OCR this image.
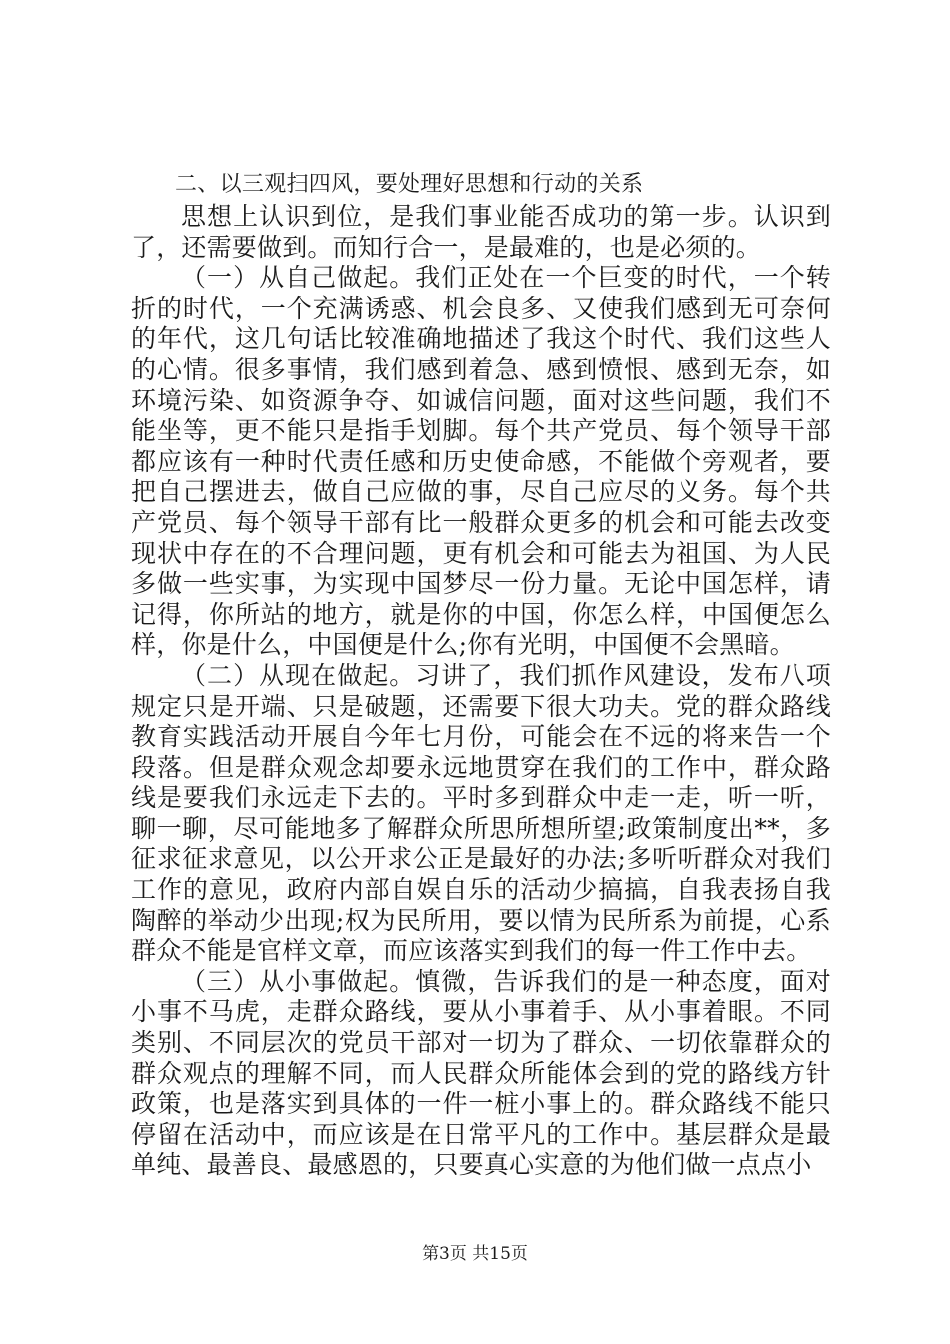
二、以三观扫四风，要处理好思想和行动的关系

思想上认识到位，是我们事业能否成功的第一步。认识到了，还需要做到。而知行合一，是最难的，也是必须的。

（一）从自己做起。我们正处在一个巨变的时代，一个转折的时代，一个充满诱惑、机会良多、又使我们感到无可奈何的年代，这几句话比较准确地描述了我这个时代、我们这些人的心情。很多事情，我们感到着急、感到愤恨、感到无奈，如环境污染、如资源争夺、如诚信问题，面对这些问题，我们不能坐等，更不能只是指手划脚。每个共产党员、每个领导干部都应该有一种时代责任感和历史使命感，不能做个旁观者，要把自己摆进去，做自己应做的事，尽自己应尽的义务。每个共产党员、每个领导干部有比一般群众更多的机会和可能去改变现状中存在的不合理问题，更有机会和可能去为祖国、为人民多做一些实事，为实现中国梦尽一份力量。无论中国怎样，请记得，你所站的地方，就是你的中国，你怎么样，中国便怎么样，你是什么，中国便是什么;你有光明，中国便不会黑暗。

（二）从现在做起。习讲了，我们抓作风建设，发布八项规定只是开端、只是破题，还需要下很大功夫。党的群众路线教育实践活动开展自今年七月份，可能会在不远的将来告一个段落。但是群众观念却要永远地贯穿在我们的工作中，群众路线是要我们永远走下去的。平时多到群众中走一走，听一听，聊一聊，尽可能地多了解群众所思所想所望;政策制度出**，多征求征求意见，以公开求公正是最好的办法;多听听群众对我们工作的意见，政府内部自娱自乐的活动少搞搞，自我表扬自我陶醉的举动少出现;权为民所用，要以情为民所系为前提，心系群众不能是官样文章，而应该落实到我们的每一件工作中去。

（三）从小事做起。慎微，告诉我们的是一种态度，面对小事不马虎，走群众路线，要从小事着手、从小事着眼。不同类别、不同层次的党员干部对一切为了群众、一切依靠群众的群众观点的理解不同，而人民群众所能体会到的党的路线方针政策，也是落实到具体的一件一桩小事上的。群众路线不能只停留在活动中，而应该是在日常平凡的工作中。基层群众是最单纯、最善良、最感恩的，只要真心实意的为他们做一点点小

第3页 共15页
